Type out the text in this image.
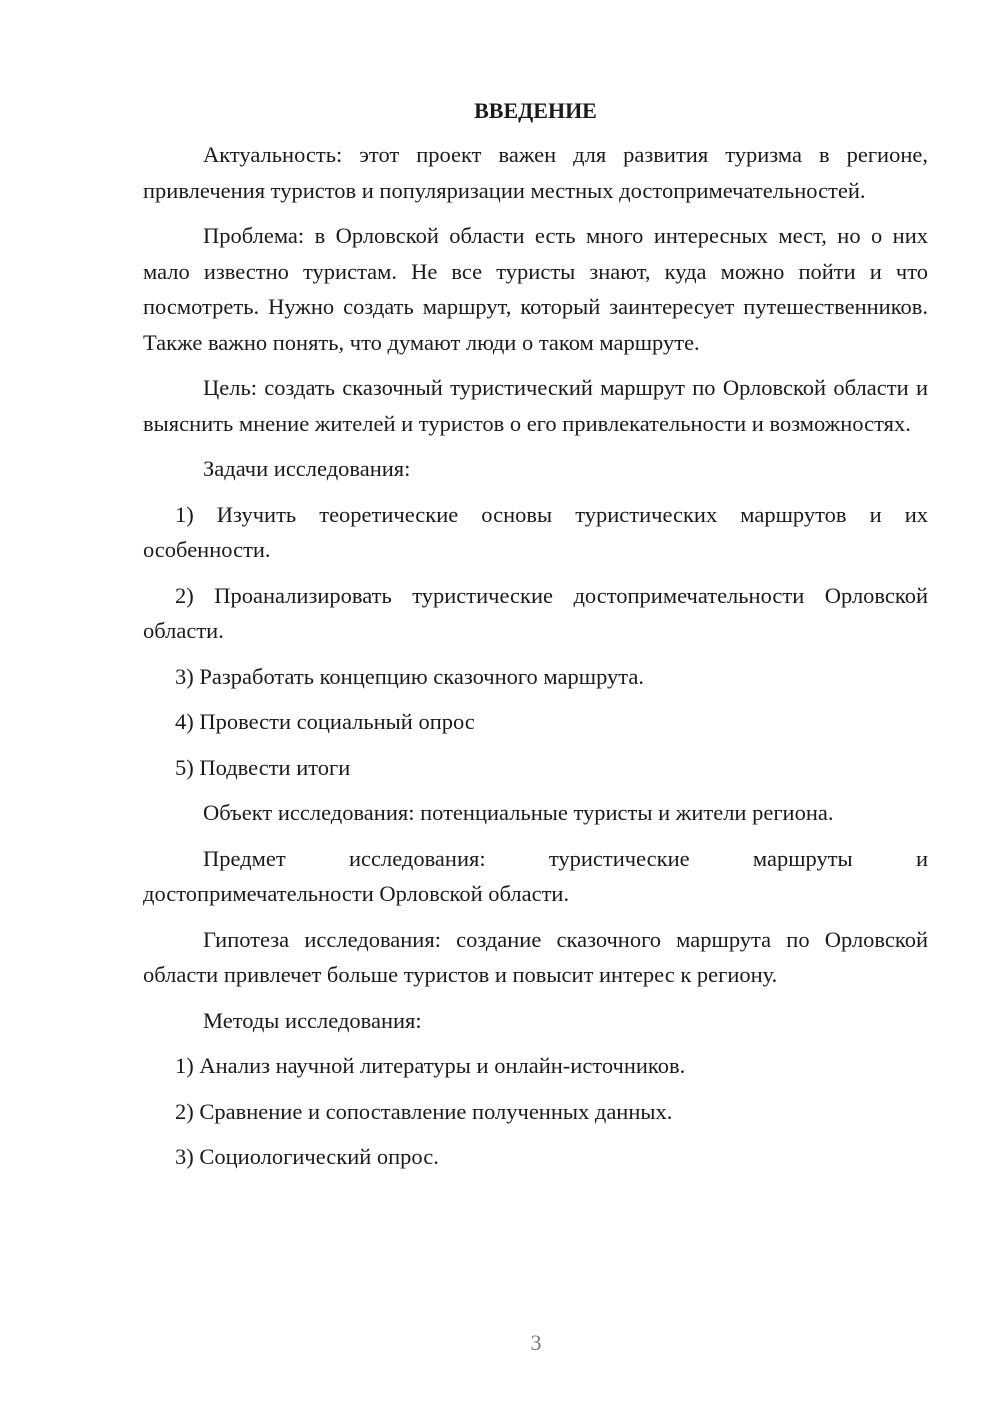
ВВЕДЕНИЕ

Актуальность: этот проект важен для развития туризма в регионе, привлечения туристов и популяризации местных достопримечательностей.

Проблема: в Орловской области есть много интересных мест, но о них мало известно туристам. Не все туристы знают, куда можно пойти и что посмотреть. Нужно создать маршрут, который заинтересует путешественников. Также важно понять, что думают люди о таком маршруте.

Цель: создать сказочный туристический маршрут по Орловской области и выяснить мнение жителей и туристов о его привлекательности и возможностях.

Задачи исследования:

1) Изучить теоретические основы туристических маршрутов и их особенности.

2) Проанализировать туристические достопримечательности Орловской области.

3) Разработать концепцию сказочного маршрута.

4) Провести социальный опрос

5) Подвести итоги

Объект исследования: потенциальные туристы и жители региона.

Предмет исследования: туристические маршруты и достопримечательности Орловской области.

Гипотеза исследования: создание сказочного маршрута по Орловской области привлечет больше туристов и повысит интерес к региону.

Методы исследования:

1) Анализ научной литературы и онлайн-источников.

2) Сравнение и сопоставление полученных данных.

3) Социологический опрос.

3
